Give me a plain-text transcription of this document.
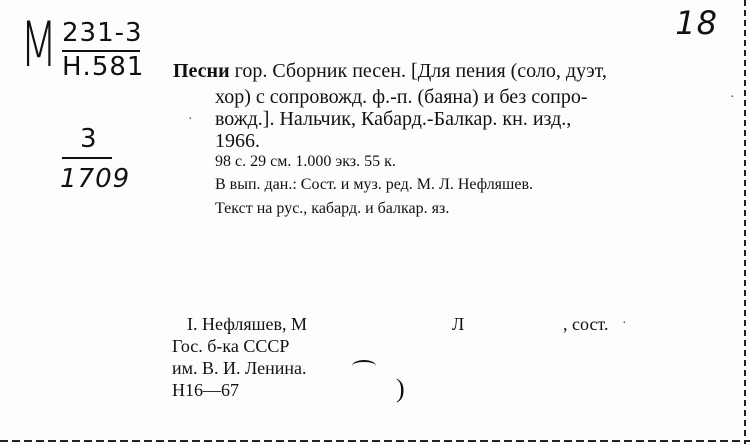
М 231-3
Н.581
3
1709
18
Песни гор. Сборник песен. [Для пения (соло, дуэт,
хор) с сопровожд. ф.-п. (баяна) и без сопро-
вожд.]. Нальчик, Кабард.-Балкар. кн. изд.,
1966.
98 с. 29 см. 1.000 экз. 55 к.
В вып. дан.: Сост. и муз. ред. М. Л. Нефляшев.
Текст на рус., кабард. и балкар. яз.
I. Нефляшев, М	Л	, сост.
Гос. б-ка СССР
им. В. И. Ленина.
Н16—67	)
·
·
·
